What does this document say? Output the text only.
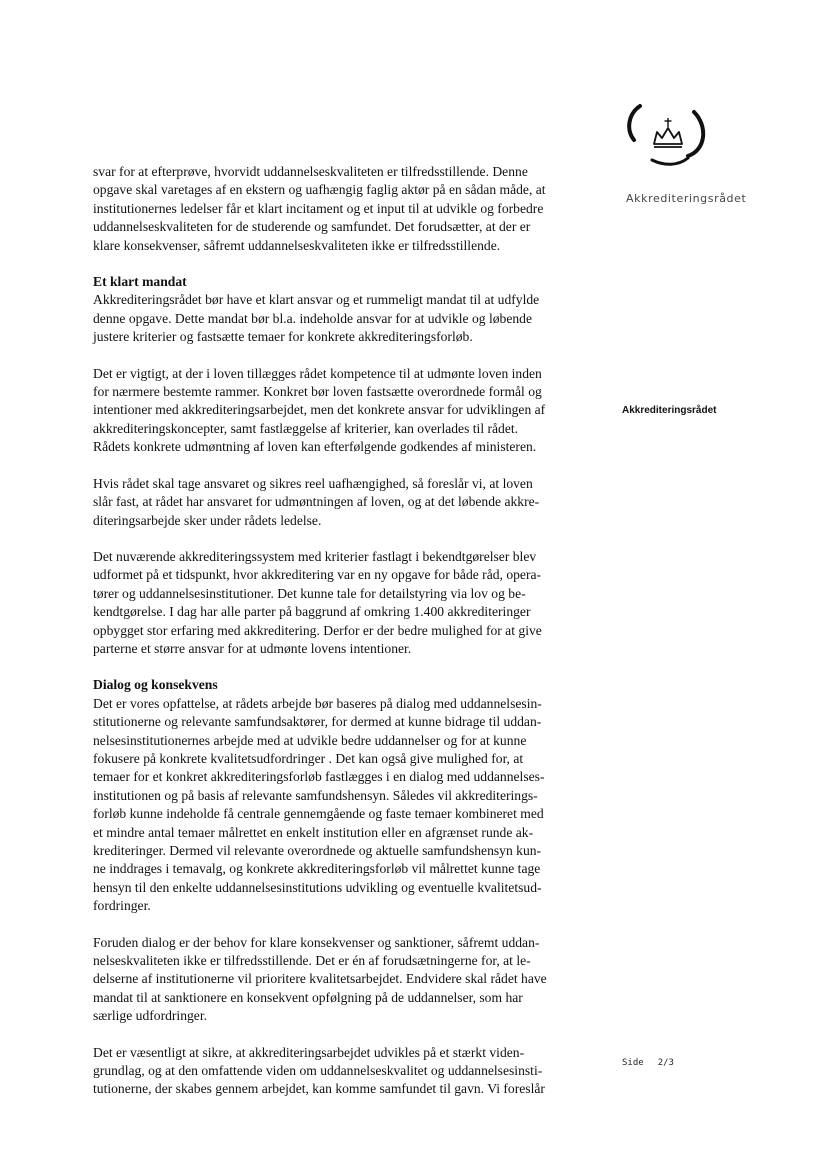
Akkrediteringsrådet
Akkrediteringsrådet
svar for at efterprøve, hvorvidt uddannelseskvaliteten er tilfredsstillende. Denne
opgave skal varetages af en ekstern og uafhængig faglig aktør på en sådan måde, at
institutionernes ledelser får et klart incitament og et input til at udvikle og forbedre
uddannelseskvaliteten for de studerende og samfundet. Det forudsætter, at der er
klare konsekvenser, såfremt uddannelseskvaliteten ikke er tilfredsstillende.
Et klart mandat
Akkrediteringsrådet bør have et klart ansvar og et rummeligt mandat til at udfylde
denne opgave. Dette mandat bør bl.a. indeholde ansvar for at udvikle og løbende
justere kriterier og fastsætte temaer for konkrete akkrediteringsforløb.
Det er vigtigt, at der i loven tillægges rådet kompetence til at udmønte loven inden
for nærmere bestemte rammer. Konkret bør loven fastsætte overordnede formål og
intentioner med akkrediteringsarbejdet, men det konkrete ansvar for udviklingen af
akkrediteringskoncepter, samt fastlæggelse af kriterier, kan overlades til rådet.
Rådets konkrete udmøntning af loven kan efterfølgende godkendes af ministeren.
Hvis rådet skal tage ansvaret og sikres reel uafhængighed, så foreslår vi, at loven
slår fast, at rådet har ansvaret for udmøntningen af loven, og at det løbende akkre-
diteringsarbejde sker under rådets ledelse.
Det nuværende akkrediteringssystem med kriterier fastlagt i bekendtgørelser blev
udformet på et tidspunkt, hvor akkreditering var en ny opgave for både råd, opera-
tører og uddannelsesinstitutioner. Det kunne tale for detailstyring via lov og be-
kendtgørelse. I dag har alle parter på baggrund af omkring 1.400 akkrediteringer
opbygget stor erfaring med akkreditering. Derfor er der bedre mulighed for at give
parterne et større ansvar for at udmønte lovens intentioner.
Dialog og konsekvens
Det er vores opfattelse, at rådets arbejde bør baseres på dialog med uddannelsesin-
stitutionerne og relevante samfundsaktører, for dermed at kunne bidrage til uddan-
nelsesinstitutionernes arbejde med at udvikle bedre uddannelser og for at kunne
fokusere på konkrete kvalitetsudfordringer . Det kan også give mulighed for, at
temaer for et konkret akkrediteringsforløb fastlægges i en dialog med uddannelses-
institutionen og på basis af relevante samfundshensyn. Således vil akkrediterings-
forløb kunne indeholde få centrale gennemgående og faste temaer kombineret med
et mindre antal temaer målrettet en enkelt institution eller en afgrænset runde ak-
krediteringer. Dermed vil relevante overordnede og aktuelle samfundshensyn kun-
ne inddrages i temavalg, og konkrete akkrediteringsforløb vil målrettet kunne tage
hensyn til den enkelte uddannelsesinstitutions udvikling og eventuelle kvalitetsud-
fordringer.
Foruden dialog er der behov for klare konsekvenser og sanktioner, såfremt uddan-
nelseskvaliteten ikke er tilfredsstillende. Det er én af forudsætningerne for, at le-
delserne af institutionerne vil prioritere kvalitetsarbejdet. Endvidere skal rådet have
mandat til at sanktionere en konsekvent opfølgning på de uddannelser, som har
særlige udfordringer.
Det er væsentligt at sikre, at akkrediteringsarbejdet udvikles på et stærkt viden-
grundlag, og at den omfattende viden om uddannelseskvalitet og uddannelsesinsti-
tutionerne, der skabes gennem arbejdet, kan komme samfundet til gavn. Vi foreslår
Side 2/3
